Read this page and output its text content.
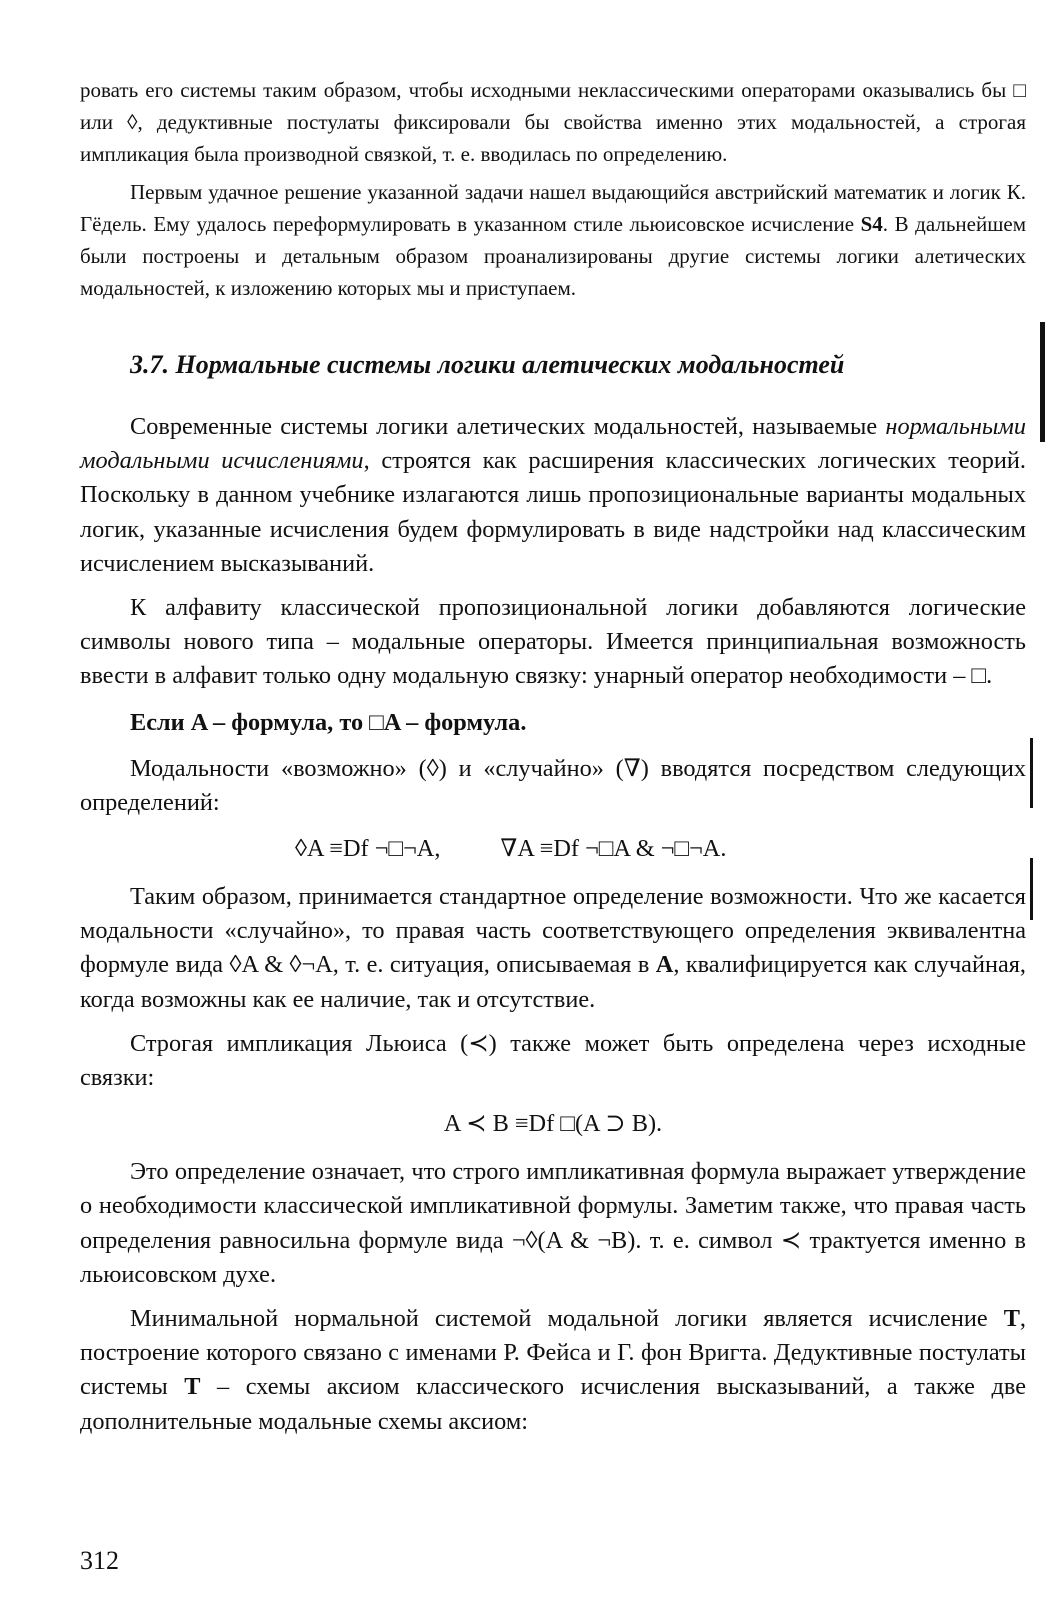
ровать его системы таким образом, чтобы исходными неклассическими операторами оказывались бы □ или ◊, дедуктивные постулаты фиксировали бы свойства именно этих модальностей, а строгая импликация была производной связкой, т. е. вводилась по определению.

Первым удачное решение указанной задачи нашел выдающийся австрийский математик и логик К. Гёдель. Ему удалось переформулировать в указанном стиле льюисовское исчисление S4. В дальнейшем были построены и детальным образом проанализированы другие системы логики алетических модальностей, к изложению которых мы и приступаем.

3.7. Нормальные системы логики алетических модальностей

Современные системы логики алетических модальностей, называемые нормальными модальными исчислениями, строятся как расширения классических логических теорий. Поскольку в данном учебнике излагаются лишь пропозициональные варианты модальных логик, указанные исчисления будем формулировать в виде надстройки над классическим исчислением высказываний.

К алфавиту классической пропозициональной логики добавляются логические символы нового типа – модальные операторы. Имеется принципиальная возможность ввести в алфавит только одну модальную связку: унарный оператор необходимости – □.

Если A – формула, то □A – формула.

Модальности «возможно» (◊) и «случайно» (∇) вводятся посредством следующих определений:

◊A ≡Df ¬□¬A, ∇A ≡Df ¬□A & ¬□¬A.

Таким образом, принимается стандартное определение возможности. Что же касается модальности «случайно», то правая часть соответствующего определения эквивалентна формуле вида ◊A & ◊¬A, т. е. ситуация, описываемая в A, квалифицируется как случайная, когда возможны как ее наличие, так и отсутствие.

Строгая импликация Льюиса (≺) также может быть определена через исходные связки:

A ≺ B ≡Df □(A ⊃ B).

Это определение означает, что строго импликативная формула выражает утверждение о необходимости классической импликативной формулы. Заметим также, что правая часть определения равносильна формуле вида ¬◊(A & ¬B). т. е. символ ≺ трактуется именно в льюисовском духе.

Минимальной нормальной системой модальной логики является исчисление T, построение которого связано с именами Р. Фейса и Г. фон Вригта. Дедуктивные постулаты системы T – схемы аксиом классического исчисления высказываний, а также две дополнительные модальные схемы аксиом:

312
